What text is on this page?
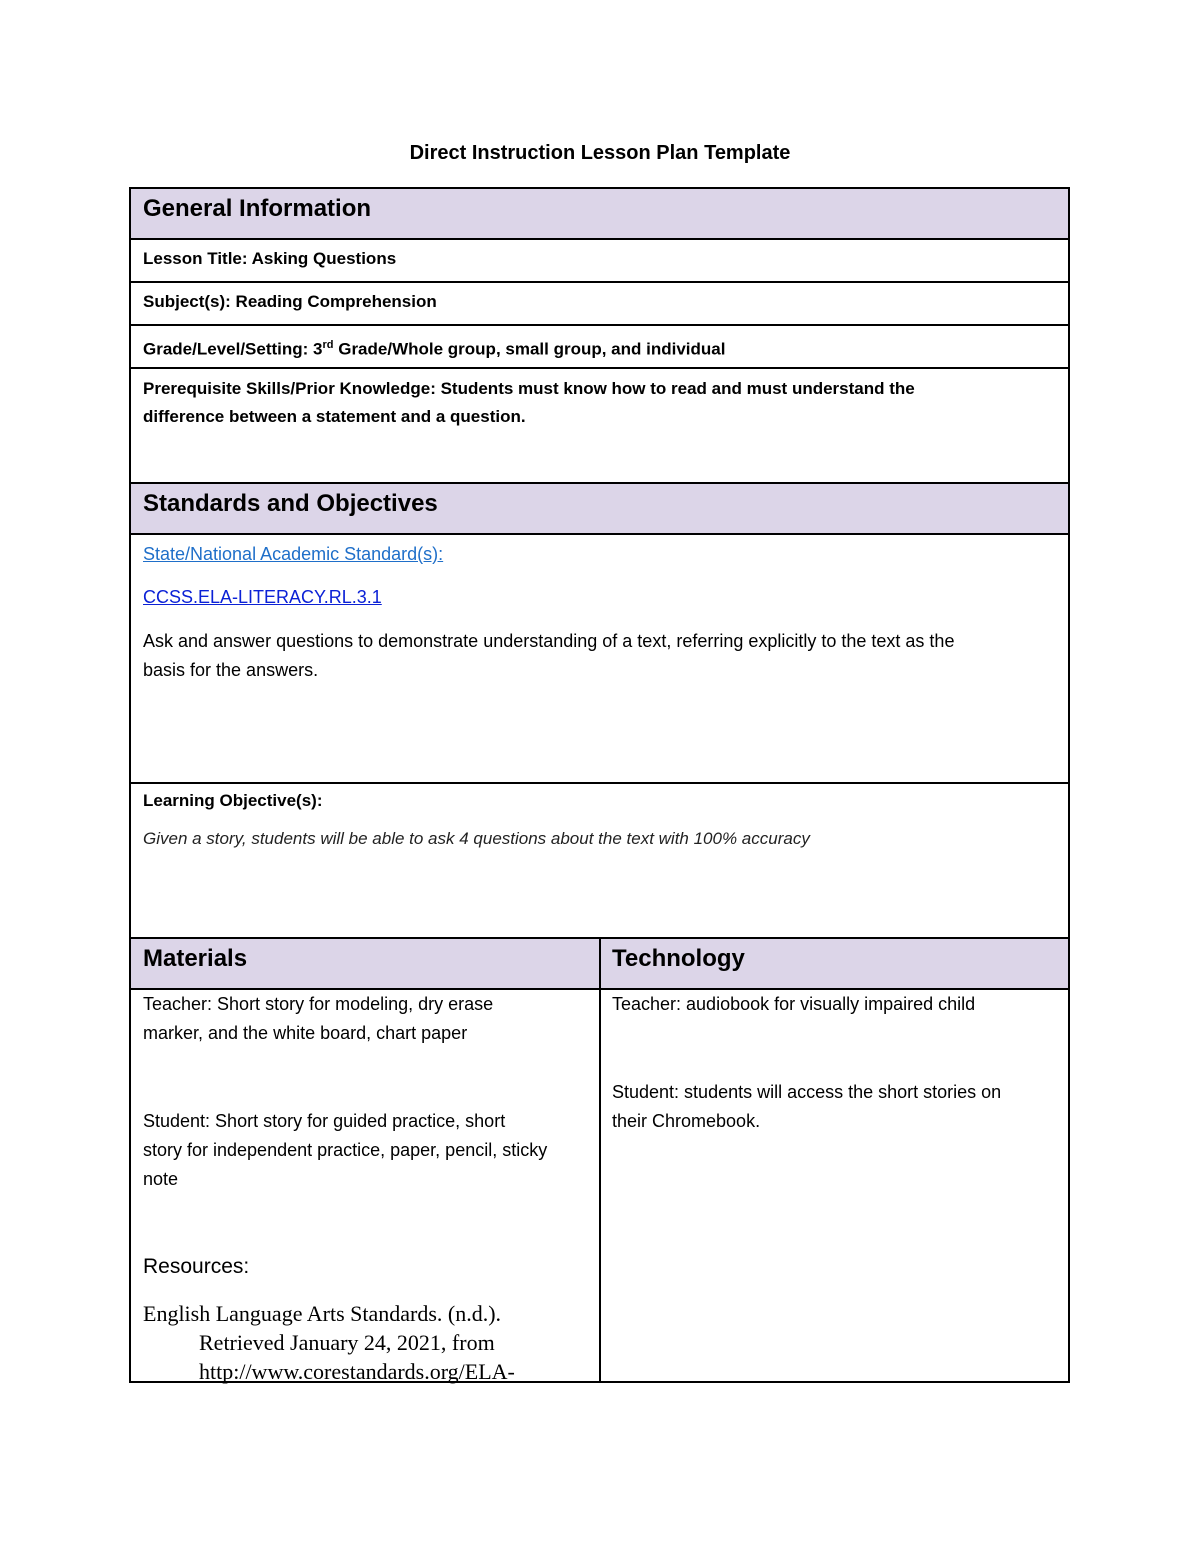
Direct Instruction Lesson Plan Template
General Information
Lesson Title: Asking Questions
Subject(s): Reading Comprehension
Grade/Level/Setting: 3rd Grade/Whole group, small group, and individual
Prerequisite Skills/Prior Knowledge: Students must know how to read and must understand the
difference between a statement and a question.
Standards and Objectives
State/National Academic Standard(s):
CCSS.ELA-LITERACY.RL.3.1
Ask and answer questions to demonstrate understanding of a text, referring explicitly to the text as the
basis for the answers.
Learning Objective(s):
Given a story, students will be able to ask 4 questions about the text with 100% accuracy
Materials	Technology
Teacher: Short story for modeling, dry erase
marker, and the white board, chart paper
Student: Short story for guided practice, short
story for independent practice, paper, pencil, sticky
note
Resources:
English Language Arts Standards. (n.d.).
Retrieved January 24, 2021, from
http://www.corestandards.org/ELA-
Teacher: audiobook for visually impaired child
Student: students will access the short stories on
their Chromebook.
